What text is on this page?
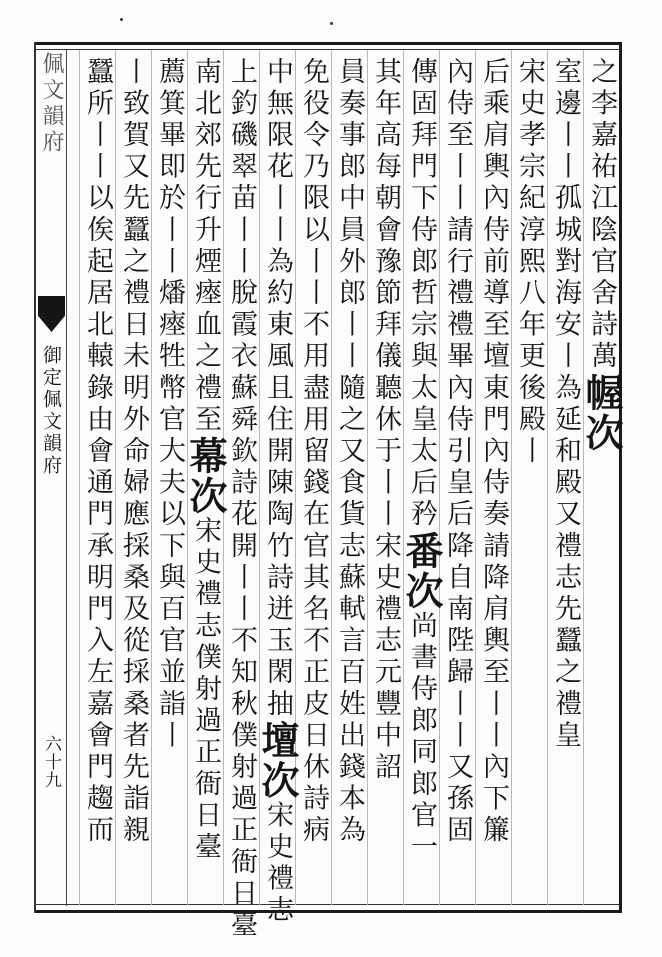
佩文韻府
御定佩文韻府
六十九
之李嘉祐江陰官舍詩萬幄次
室邊丨丨孤城對海安丨為延和殿又禮志先蠶之禮皇
宋史孝宗紀淳熙八年更後殿丨
后乘肩輿內侍前導至壇東門內侍奏請降肩輿至丨丨內下簾
內侍至丨丨請行禮禮畢內侍引皇后降自南陛歸丨丨又孫固
傳固拜門下侍郎哲宗與太皇太后矜番次尚書侍郎同郎官一
其年高每朝會豫節拜儀聽休于丨丨宋史禮志元豐中詔
員奏事郎中員外郎丨丨隨之又食貨志蘇軾言百姓出錢本為
免役令乃限以丨丨不用盡用留錢在官其名不正皮日休詩病
中無限花丨丨為約東風且住開陳陶竹詩迸玉閑抽壇次宋史禮志
上釣磯翠苗丨丨脫霞衣蘇舜欽詩花開丨丨不知秋僕射過正衙日臺
南北郊先行升煙瘞血之禮至幕次宋史禮志僕射過正衙日臺
薦箕畢即於丨丨燔瘞牲幣官大夫以下與百官並詣丨
丨致賀又先蠶之禮日未明外命婦應採桑及從採桑者先詣親
蠶所丨丨以俟起居北轅錄由會通門承明門入左嘉會門趨而
